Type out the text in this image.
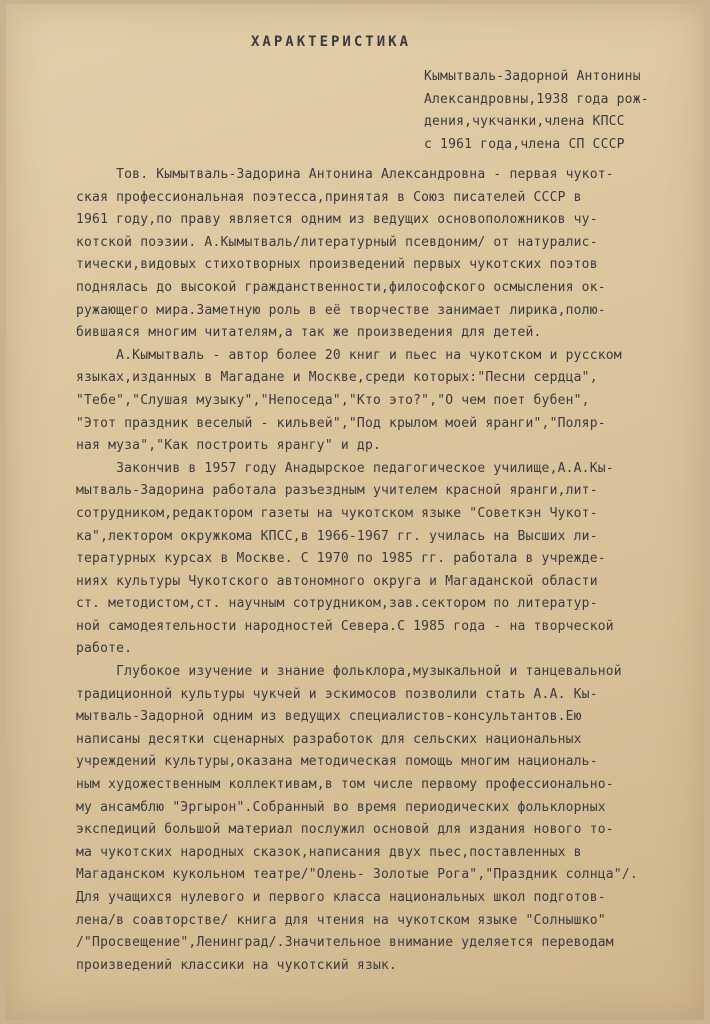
ХАРАКТЕРИСТИКА
Кымытваль-Задорной Антонины
Александровны,1938 года рож-
дения,чукчанки,члена КПСС
с 1961 года,члена СП СССР
Тов. Кымытваль-Задорина Антонина Александровна - первая чукот-
ская профессиональная поэтесса,принятая в Союз писателей СССР в
1961 году,по праву является одним из ведущих основоположников чу-
котской поэзии. А.Кымытваль/литературный псевдоним/ от натуралис-
тически,видовых стихотворных произведений первых чукотских поэтов
поднялась до высокой гражданственности,философского осмысления ок-
ружающего мира.Заметную роль в её творчестве занимает лирика,полю-
бившаяся многим читателям,а так же произведения для детей.
А.Кымытваль - автор более 20 книг и пьес на чукотском и русском
языках,изданных в Магадане и Москве,среди которых:"Песни сердца",
"Тебе","Слушая музыку","Непоседа","Кто это?","О чем поет бубен",
"Этот праздник веселый - кильвей","Под крылом моей яранги","Поляр-
ная муза","Как построить ярангу" и др.
Закончив в 1957 году Анадырское педагогическое училище,А.А.Кы-
мытваль-Задорина работала разъездным учителем красной яранги,лит-
сотрудником,редактором газеты на чукотском языке "Советкэн Чукот-
ка",лектором окружкома КПСС,в 1966-1967 гг. училась на Высших ли-
тературных курсах в Москве. С 1970 по 1985 гг. работала в учрежде-
ниях культуры Чукотского автономного округа и Магаданской области
ст. методистом,ст. научным сотрудником,зав.сектором по литератур-
ной самодеятельности народностей Севера.С 1985 года - на творческой
работе.
Глубокое изучение и знание фольклора,музыкальной и танцевальной
традиционной культуры чукчей и эскимосов позволили стать А.А. Кы-
мытваль-Задорной одним из ведущих специалистов-консультантов.Ею
написаны десятки сценарных разработок для сельских национальных
учреждений культуры,оказана методическая помощь многим националь-
ным художественным коллективам,в том числе первому профессионально-
му ансамблю "Эргырон".Собранный во время периодических фольклорных
экспедиций большой материал послужил основой для издания нового то-
ма чукотских народных сказок,написания двух пьес,поставленных в
Магаданском кукольном театре/"Олень- Золотые Рога","Праздник солнца"/.
Для учащихся нулевого и первого класса национальных школ подготов-
лена/в соавторстве/ книга для чтения на чукотском языке "Солнышко"
/"Просвещение",Ленинград/.Значительное внимание уделяется переводам
произведений классики на чукотский язык.
